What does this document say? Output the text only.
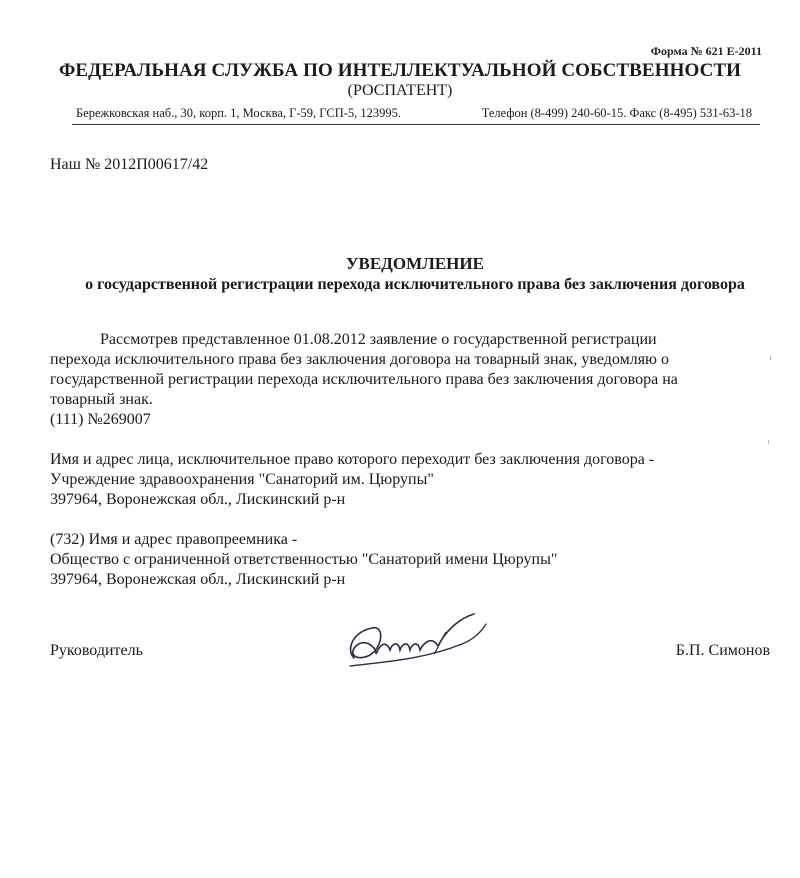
Форма № 621 Е-2011
ФЕДЕРАЛЬНАЯ СЛУЖБА ПО ИНТЕЛЛЕКТУАЛЬНОЙ СОБСТВЕННОСТИ
(РОСПАТЕНТ)
Бережковская наб., 30, корп. 1, Москва, Г-59, ГСП-5, 123995.	Телефон (8-499) 240-60-15. Факс (8-495) 531-63-18
Наш № 2012П00617/42
УВЕДОМЛЕНИЕ
о государственной регистрации перехода исключительного права без заключения договора

Рассмотрев представленное 01.08.2012 заявление о государственной регистрации

перехода исключительного права без заключения договора на товарный знак, уведомляю о
государственной регистрации перехода исключительного права без заключения договора на
товарный знак.
(111) №269007
Имя и адрес лица, исключительное право которого переходит без заключения договора -
Учреждение здравоохранения "Санаторий им. Цюрупы"
397964, Воронежская обл., Лискинский р-н
(732) Имя и адрес правопреемника -
Общество с ограниченной ответственностью "Санаторий имени Цюрупы"
397964, Воронежская обл., Лискинский р-н
Руководитель	Б.П. Симонов
